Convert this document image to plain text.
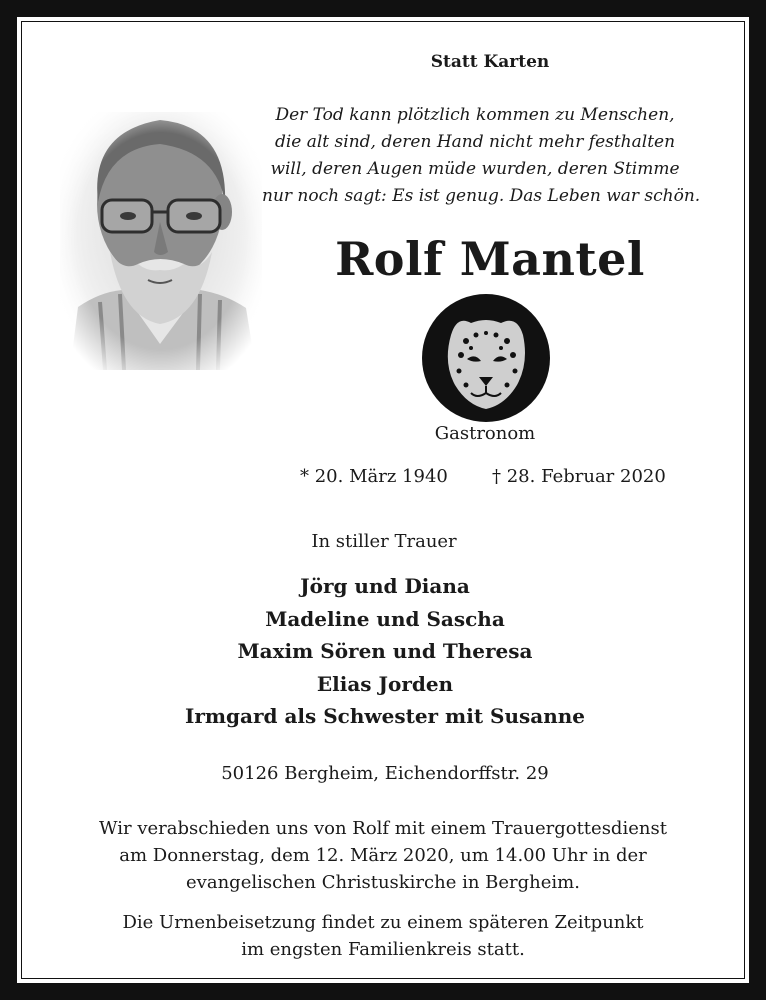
Statt Karten
Der Tod kann plötzlich kommen zu Menschen,
die alt sind, deren Hand nicht mehr festhalten
will, deren Augen müde wurden, deren Stimme
nur noch sagt: Es ist genug. Das Leben war schön.
Rolf Mantel
Gastronom
* 20. März 1940 † 28. Februar 2020
In stiller Trauer
Jörg und Diana
Madeline und Sascha
Maxim Sören und Theresa
Elias Jorden
Irmgard als Schwester mit Susanne
50126 Bergheim, Eichendorffstr. 29
Wir verabschieden uns von Rolf mit einem Trauergottesdienst
am Donnerstag, dem 12. März 2020, um 14.00 Uhr in der
evangelischen Christuskirche in Bergheim.
Die Urnenbeisetzung findet zu einem späteren Zeitpunkt
im engsten Familienkreis statt.
